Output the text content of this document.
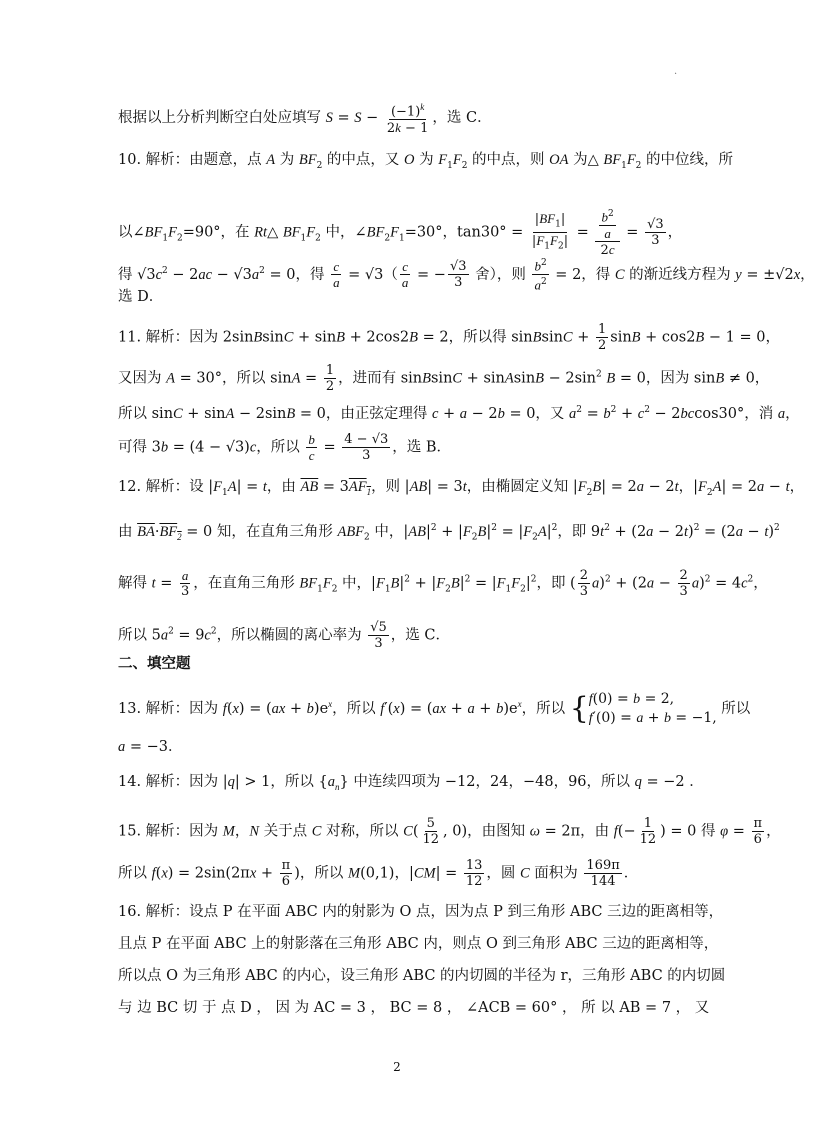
.
根据以上分析判断空白处应填写 $S = S - \frac{(-1)^k}{2k - 1}$ ，选 C．
10. 解析：由题意，点 A 为 $BF_2$ 的中点，又 O 为 $F_1F_2$ 的中点，则 OA 为△ $BF_1F_2$ 的中位线，所
以$\angle BF_1F_2=90^\circ$，在 Rt△ $BF_1F_2$ 中，$\angle BF_2F_1=30^\circ$，$\tan 30^\circ = \frac{|BF_1|}{|F_1F_2|} = \frac{\frac{b^2}{a}}{2c} = \frac{√3}{3}$ ，
得 $√3c^2 - 2ac - √3a^2 = 0$，得 $\frac{c}{a} = √3( \frac{c}{a}$ = − $\frac{√3}{3}$ 舍），则 $\frac{b^2}{a^2} = 2$，得 C 的渐近线方程为 y = ±√2x，
选 D．
11. 解析：因为 2sinBsinC + sinB + 2cos2B = 2，所以得 sinBsinC + $\frac{1}{2}$ sinB + cos2B − 1 = 0，
又因为 A = 30°，所以 $\sin A = \frac{1}{2}$ ，进而有 sinBsinC + sinAsinB − $2\sin^2$ B = 0，因为 sinB ≠ 0，
所以 sinC + sinA − 2sinB = 0，由正弦定理得 c + a − 2b = 0，又 $a^2 = b^2 + c^2 - 2bccos30^\circ$，消 a，
可得 3b = (4 − √3)c，所以 $\frac{b}{c} = \frac{4 - √3}{3}$ ，选 B．
12. 解析：设 $|F_1A| = t$，由 $\overline{AB} = 3AF_1$，则 |AB| = 3t，由椭圆定义知 $|F_2B| = 2a - 2t$，$|F_2A| = 2a - t$，
由 $\overline{BA}\cdot BF_2 = 0$ 知，在直角三角形 $ABF_2$ 中，$|AB|^2 + |F_2B|^2 = |F_2A|^2$，即 $9t^2 + (2a - 2t)^2 = (2a - t)^2$
解得 $t = \frac{a}{3}$ ，在直角三角形 $BF_1F_2$ 中，$|F_1B|^2 + |F_2B|^2 = |F_1F_2|^2$，即 ( $\frac{2}{3} a)^2 + (2a - \frac{2}{3} a)^2 = 4c^2$，
所以 $5a^2 = 9c^2$，所以椭圆的离心率为 $\frac{√5}{3}$ ，选 C．
二、填空题
13. 解析：因为 $f(x) = (ax + b)e^x$，所以 $f'(x) = (ax + a + b)e^x$，所以 { f(0) = b = 2,
f′(0) = a + b = −1,
所以
a = −3．
14. 解析：因为 |q| > 1，所以 $\{a_n\}$ 中连续四项为 −12，24，−48，96，所以 q = −2 ．
15. 解析：因为 M，N 关于点 C 对称，所以 $C( \frac{5}{12}$ , 0)，由图知 ω = 2π，由 $f(- \frac{1}{12}$ ) = 0 得 $\varphi = \frac{\pi}{6}$ ，
所以 $f(x) = 2\sin(2\pi x + \frac{\pi}{6}$ )，所以 M(0,1)，$|CM| = \frac{13}{12}$ ，圆 C 面积为 $\frac{169\pi}{144}$ ．
16. 解析：设点 P 在平面 ABC 内的射影为 O 点，因为点 P 到三角形 ABC 三边的距离相等，
且点 P 在平面 ABC 上的射影落在三角形 ABC 内，则点 O 到三角形 ABC 三边的距离相等，
所以点 O 为三角形 ABC 的内心，设三角形 ABC 的内切圆的半径为 r，三角形 ABC 的内切圆
与 边 BC 切 于 点 D ， 因 为 AC = 3 ， BC = 8 ， ∠ACB = 60° ， 所 以 AB = 7 ， 又
2
